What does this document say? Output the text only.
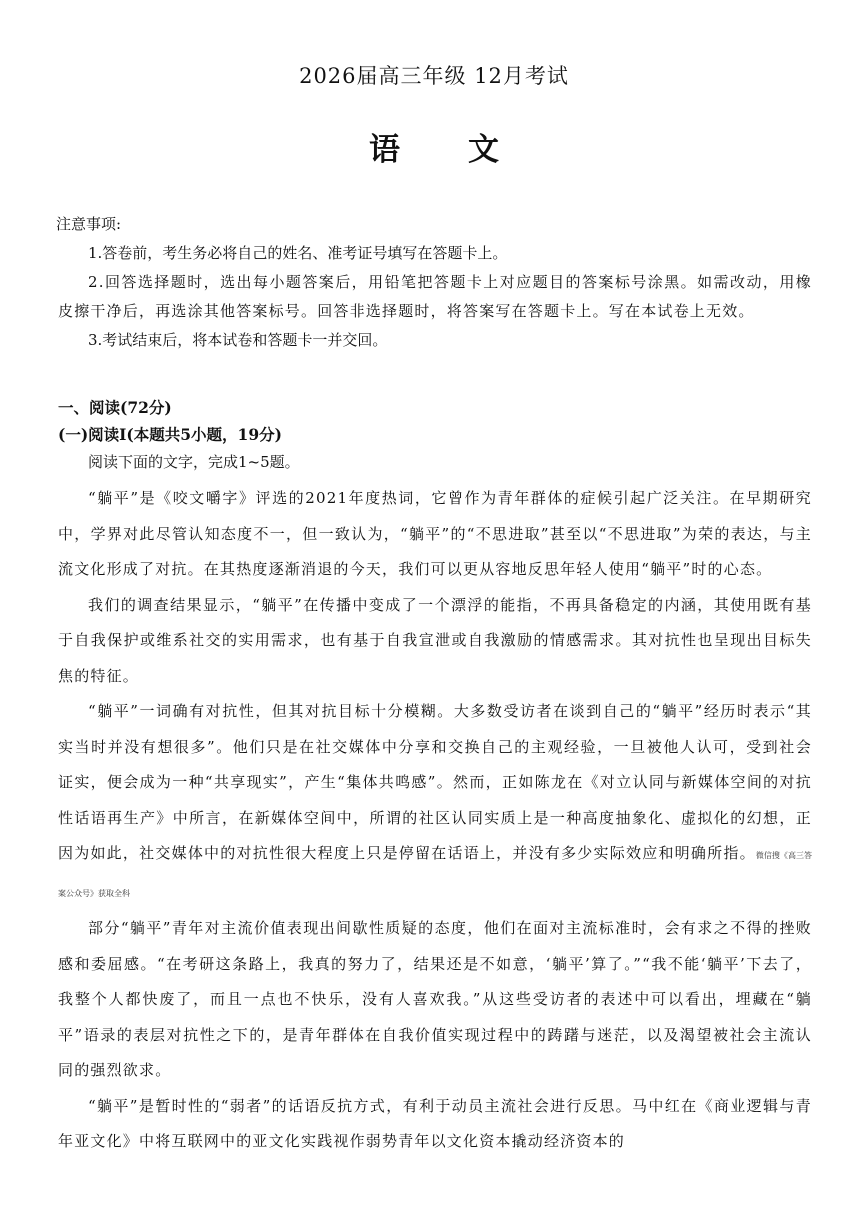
2026届高三年级 12月考试
语文

注意事项:

1.答卷前，考生务必将自己的姓名、准考证号填写在答题卡上。

2.回答选择题时，选出每小题答案后，用铅笔把答题卡上对应题目的答案标号涂黑。如需改动，用橡皮擦干净后，再选涂其他答案标号。回答非选择题时，将答案写在答题卡上。写在本试卷上无效。

3.考试结束后，将本试卷和答题卡一并交回。

一、阅读(72分)

(一)阅读Ⅰ(本题共5小题，19分)

阅读下面的文字，完成1~5题。

“躺平”是《咬文嚼字》评选的2021年度热词，它曾作为青年群体的症候引起广泛关注。在早期研究中，学界对此尽管认知态度不一，但一致认为，“躺平”的“不思进取”甚至以“不思进取”为荣的表达，与主流文化形成了对抗。在其热度逐渐消退的今天，我们可以更从容地反思年轻人使用“躺平”时的心态。

我们的调查结果显示，“躺平”在传播中变成了一个漂浮的能指，不再具备稳定的内涵，其使用既有基于自我保护或维系社交的实用需求，也有基于自我宣泄或自我激励的情感需求。其对抗性也呈现出目标失焦的特征。

“躺平”一词确有对抗性，但其对抗目标十分模糊。大多数受访者在谈到自己的“躺平”经历时表示“其实当时并没有想很多”。他们只是在社交媒体中分享和交换自己的主观经验，一旦被他人认可，受到社会证实，便会成为一种“共享现实”，产生“集体共鸣感”。然而，正如陈龙在《对立认同与新媒体空间的对抗性话语再生产》中所言，在新媒体空间中，所谓的社区认同实质上是一种高度抽象化、虚拟化的幻想，正因为如此，社交媒体中的对抗性很大程度上只是停留在话语上，并没有多少实际效应和明确所指。微信搜《高三答案公众号》获取全科

部分“躺平”青年对主流价值表现出间歇性质疑的态度，他们在面对主流标准时，会有求之不得的挫败感和委屈感。“在考研这条路上，我真的努力了，结果还是不如意，‘躺平’算了。”“我不能‘躺平’下去了，我整个人都快废了，而且一点也不快乐，没有人喜欢我。”从这些受访者的表述中可以看出，埋藏在“躺平”语录的表层对抗性之下的，是青年群体在自我价值实现过程中的踌躇与迷茫，以及渴望被社会主流认同的强烈欲求。

“躺平”是暂时性的“弱者”的话语反抗方式，有利于动员主流社会进行反思。马中红在《商业逻辑与青年亚文化》中将互联网中的亚文化实践视作弱势青年以文化资本撬动经济资本的
